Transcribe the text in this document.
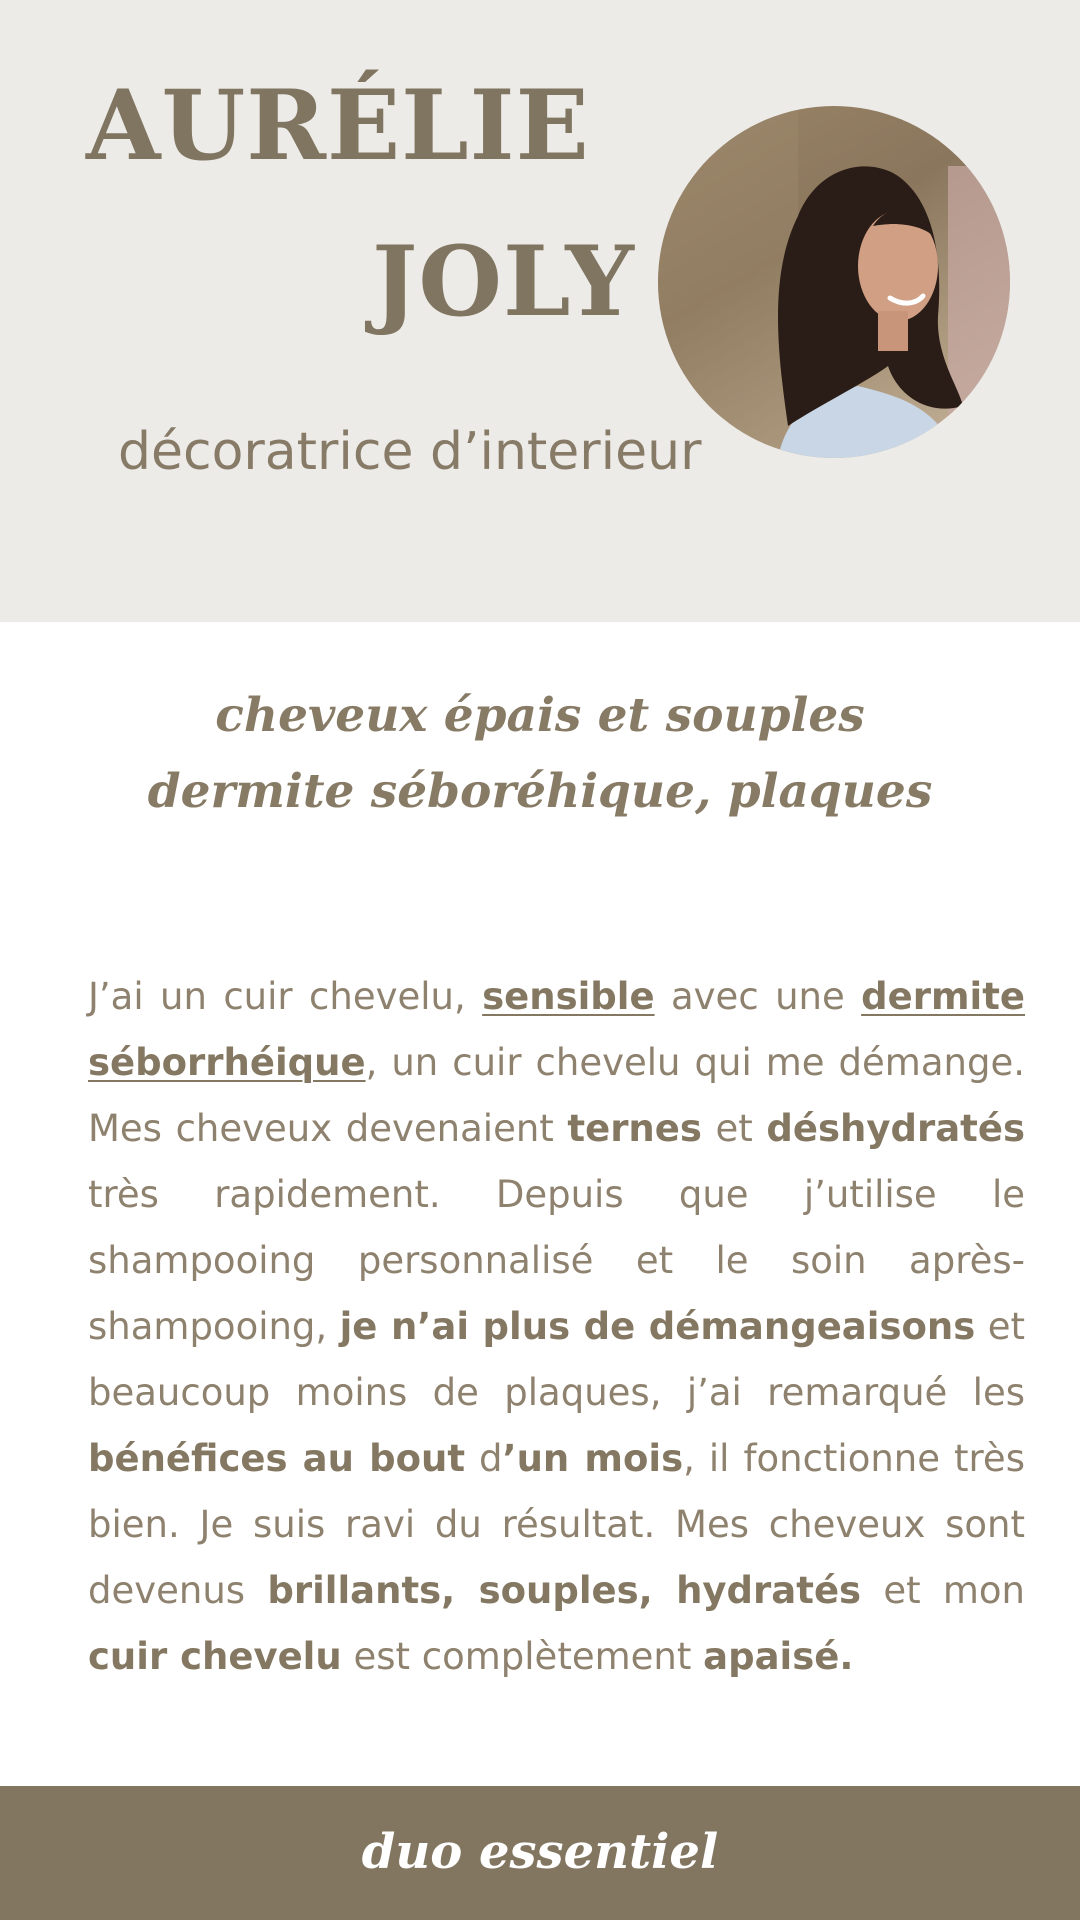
AURÉLIE
JOLY
décoratrice d’interieur
cheveux épais et souples
dermite séboréhique, plaques

J’ai un cuir chevelu, sensible avec une dermite séborrhéique, un cuir chevelu qui me démange. Mes cheveux devenaient ternes et déshydratés très rapidement. Depuis que j’utilise le shampooing personnalisé et le soin après-shampooing, je n’ai plus de démangeaisons et beaucoup moins de plaques, j’ai remarqué les bénéfices au bout d’un mois, il fonctionne très bien. Je suis ravi du résultat. Mes cheveux sont devenus brillants, souples, hydratés et mon cuir chevelu est complètement apaisé.

duo essentiel
